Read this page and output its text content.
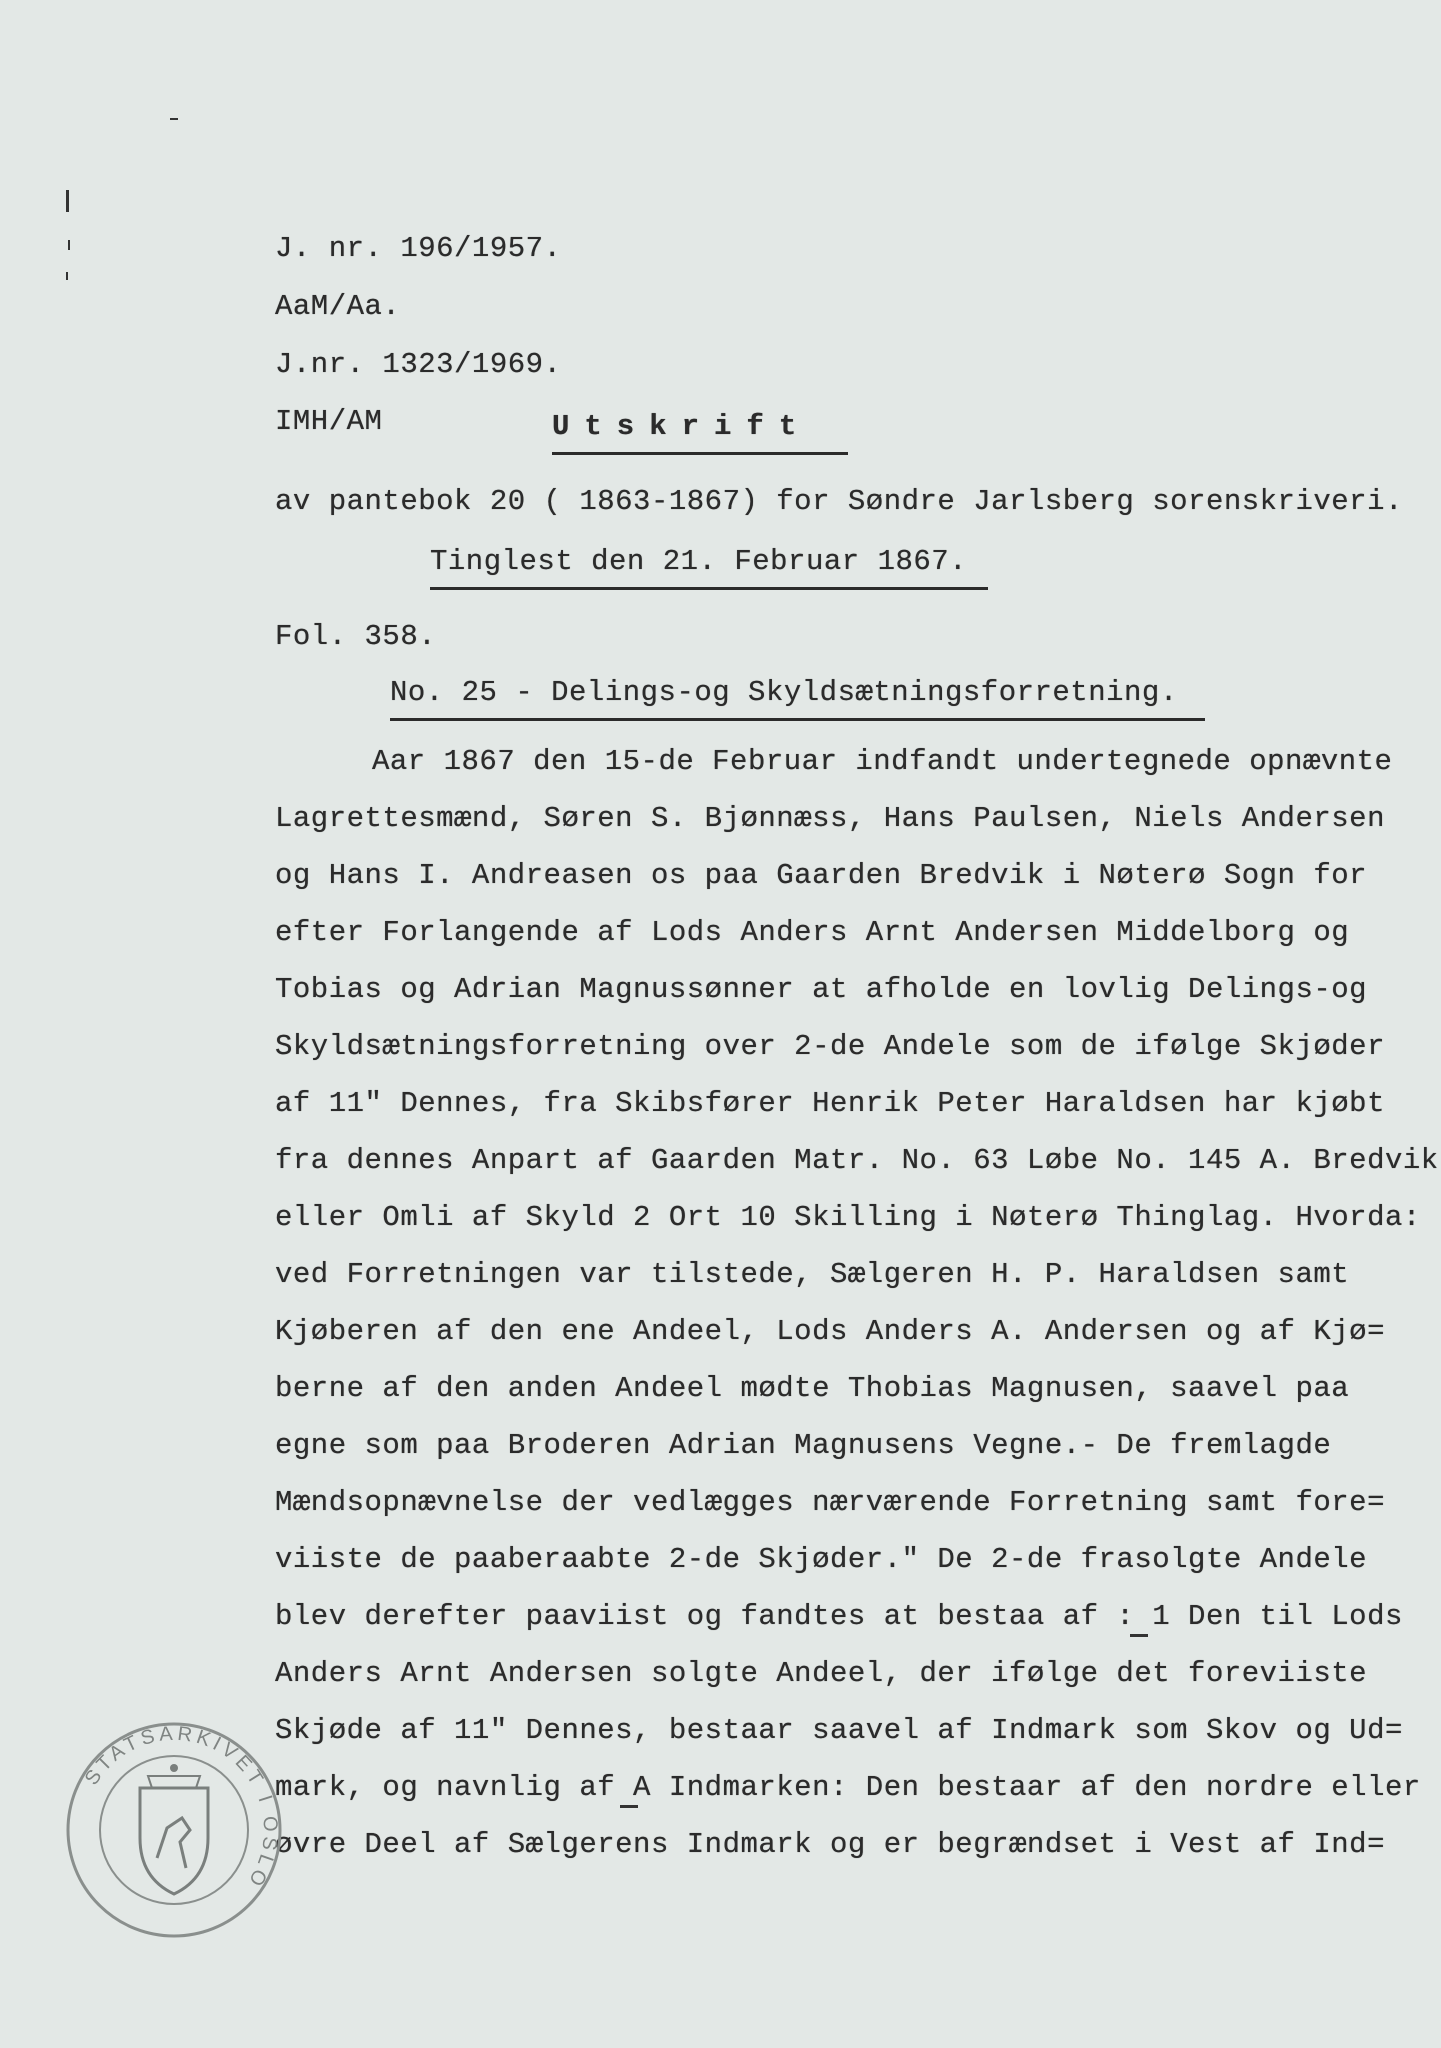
J. nr. 196/1957.
AaM/Aa.
J.nr. 1323/1969.
IMH/AM	Utskrift
av pantebok 20 ( 1863-1867) for Søndre Jarlsberg sorenskriveri.
Tinglest den 21. Februar 1867.
Fol. 358.
No. 25 - Delings-og Skyldsætningsforretning.
Aar 1867 den 15-de Februar indfandt undertegnede opnævnte
Lagrettesmænd, Søren S. Bjønnæss, Hans Paulsen, Niels Andersen
og Hans I. Andreasen os paa Gaarden Bredvik i Nøterø Sogn for
efter Forlangende af Lods Anders Arnt Andersen Middelborg og
Tobias og Adrian Magnussønner at afholde en lovlig Delings-og
Skyldsætningsforretning over 2-de Andele som de ifølge Skjøder
af 11" Dennes, fra Skibsfører Henrik Peter Haraldsen har kjøbt
fra dennes Anpart af Gaarden Matr. No. 63 Løbe No. 145 A. Bredvik
eller Omli af Skyld 2 Ort 10 Skilling i Nøterø Thinglag. Hvorda:
ved Forretningen var tilstede, Sælgeren H. P. Haraldsen samt
Kjøberen af den ene Andeel, Lods Anders A. Andersen og af Kjø=
berne af den anden Andeel mødte Thobias Magnusen, saavel paa
egne som paa Broderen Adrian Magnusens Vegne.- De fremlagde
Mændsopnævnelse der vedlægges nærværende Forretning samt fore=
viiste de paaberaabte 2-de Skjøder." De 2-de frasolgte Andele
blev derefter paaviist og fandtes at bestaa af : 1 Den til Lods
Anders Arnt Andersen solgte Andeel, der ifølge det foreviiste
Skjøde af 11" Dennes, bestaar saavel af Indmark som Skov og Ud=
mark, og navnlig af A Indmarken: Den bestaar af den nordre eller
øvre Deel af Sælgerens Indmark og er begrændset i Vest af Ind=
STATSARKIVET I OSLO
